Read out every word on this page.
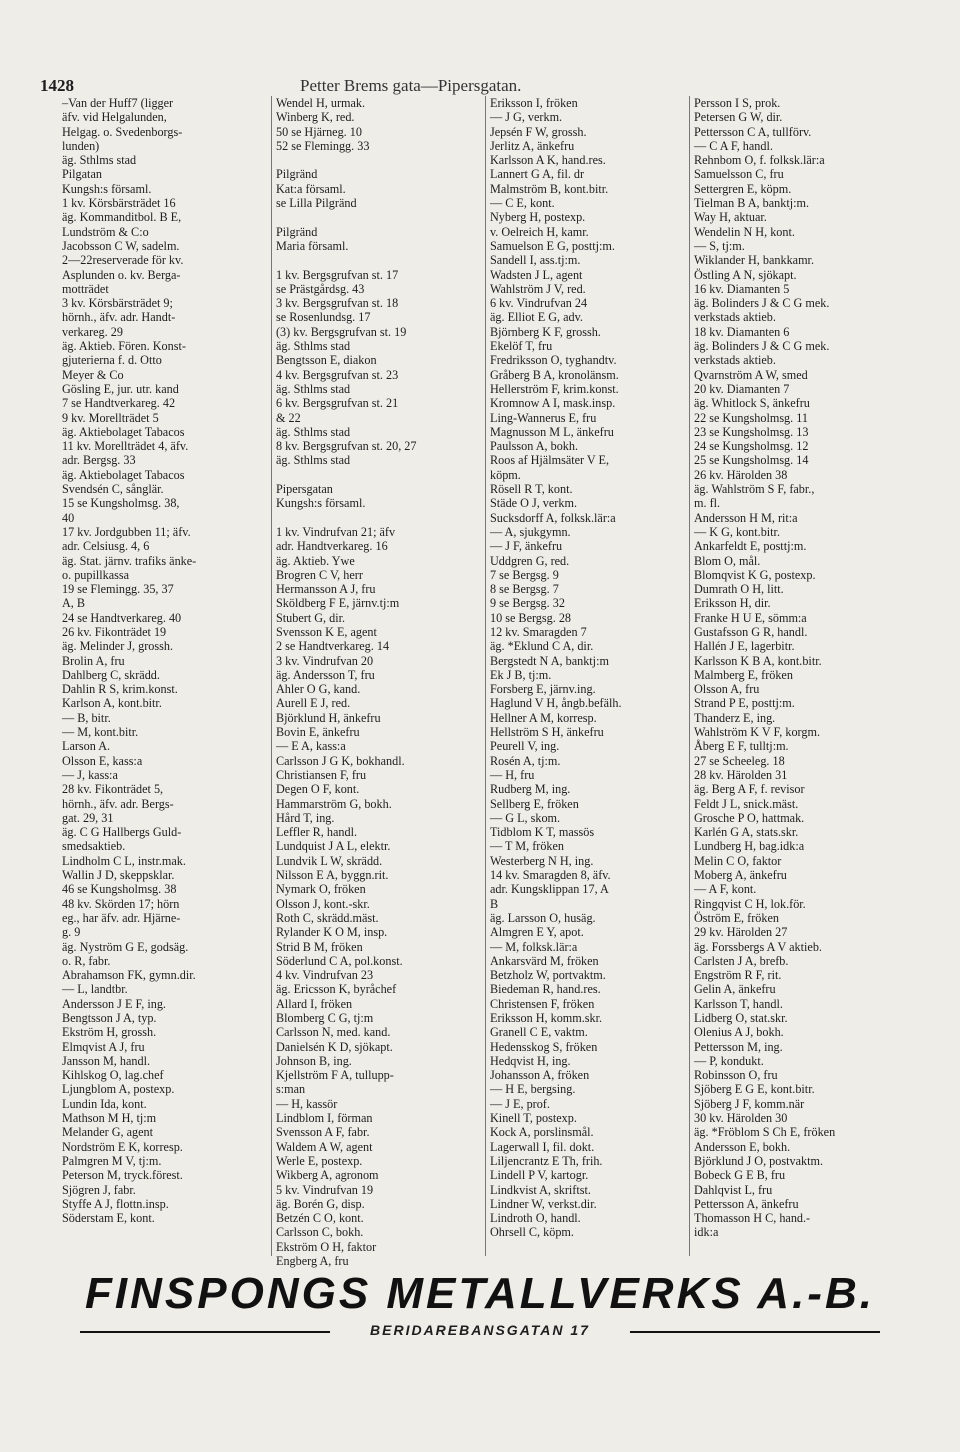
1428	Petter Brems gata—Pipersgatan.
–Van der Huff7 (ligger
äfv. vid Helgalunden,
Helgag. o. Svedenborgs-
lunden)
äg. Sthlms stad
Pilgatan
Kungsh:s församl.
1 kv. Körsbärsträdet 16
äg. Kommanditbol. B E,
Lundström & C:o
Jacobsson C W, sadelm.
2—22reserverade för kv.
Asplunden o. kv. Berga-
motträdet
3 kv. Körsbärsträdet 9;
hörnh., äfv. adr. Handt-
verkareg. 29
äg. Aktieb. Fören. Konst-
gjuterierna f. d. Otto
Meyer & Co
Gösling E, jur. utr. kand
7 se Handtverkareg. 42
9 kv. Morellträdet 5
äg. Aktiebolaget Tabacos
11 kv. Morellträdet 4, äfv.
adr. Bergsg. 33
äg. Aktiebolaget Tabacos
Svendsén C, sånglär.
15 se Kungsholmsg. 38,
40
17 kv. Jordgubben 11; äfv.
adr. Celsiusg. 4, 6
äg. Stat. järnv. trafiks änke-
o. pupillkassa
19 se Flemingg. 35, 37
A, B
24 se Handtverkareg. 40
26 kv. Fikonträdet 19
äg. Melinder J, grossh.
Brolin A, fru
Dahlberg C, skrädd.
Dahlin R S, krim.konst.
Karlson A, kont.bitr.
— B, bitr.
— M, kont.bitr.
Larson A.
Olsson E, kass:a
— J, kass:a
28 kv. Fikonträdet 5,
hörnh., äfv. adr. Bergs-
gat. 29, 31
äg. C G Hallbergs Guld-
smedsaktieb.
Lindholm C L, instr.mak.
Wallin J D, skeppsklar.
46 se Kungsholmsg. 38
48 kv. Skörden 17; hörn
eg., har äfv. adr. Hjärne-
g. 9
äg. Nyström G E, godsäg.
o. R, fabr.
Abrahamson FK, gymn.dir.
— L, landtbr.
Andersson J E F, ing.
Bengtsson J A, typ.
Ekström H, grossh.
Elmqvist A J, fru
Jansson M, handl.
Kihlskog O, lag.chef
Ljungblom A, postexp.
Lundin Ida, kont.
Mathson M H, tj:m
Melander G, agent
Nordström E K, korresp.
Palmgren M V, tj:m.
Peterson M, tryck.förest.
Sjögren J, fabr.
Styffe A J, flottn.insp.
Söderstam E, kont.
Wendel H, urmak.
Winberg K, red.
50 se Hjärneg. 10
52 se Flemingg. 33

Pilgränd
Kat:a församl.
se Lilla Pilgränd

Pilgränd
Maria församl.

1 kv. Bergsgrufvan st. 17
se Prästgårdsg. 43
3 kv. Bergsgrufvan st. 18
se Rosenlundsg. 17
(3) kv. Bergsgrufvan st. 19
äg. Sthlms stad
Bengtsson E, diakon
4 kv. Bergsgrufvan st. 23
äg. Sthlms stad
6 kv. Bergsgrufvan st. 21
& 22
äg. Sthlms stad
8 kv. Bergsgrufvan st. 20, 27
äg. Sthlms stad

Pipersgatan
Kungsh:s församl.

1 kv. Vindrufvan 21; äfv
adr. Handtverkareg. 16
äg. Aktieb. Ywe
Brogren C V, herr
Hermansson A J, fru
Sköldberg F E, järnv.tj:m
Stubert G, dir.
Svensson K E, agent
2 se Handtverkareg. 14
3 kv. Vindrufvan 20
äg. Andersson T, fru
Ahler O G, kand.
Aurell E J, red.
Björklund H, änkefru
Bovin E, änkefru
— E A, kass:a
Carlsson J G K, bokhandl.
Christiansen F, fru
Degen O F, kont.
Hammarström G, bokh.
Hård T, ing.
Leffler R, handl.
Lundquist J A L, elektr.
Lundvik L W, skrädd.
Nilsson E A, byggn.rit.
Nymark O, fröken
Olsson J, kont.-skr.
Roth C, skrädd.mäst.
Rylander K O M, insp.
Strid B M, fröken
Söderlund C A, pol.konst.
4 kv. Vindrufvan 23
äg. Ericsson K, byråchef
Allard I, fröken
Blomberg C G, tj:m
Carlsson N, med. kand.
Danielsén K D, sjökapt.
Johnson B, ing.
Kjellström F A, tullupp-
s:man
— H, kassör
Lindblom I, förman
Svensson A F, fabr.
Waldem A W, agent
Werle E, postexp.
Wikberg A, agronom
5 kv. Vindrufvan 19
äg. Borén G, disp.
Betzén C O, kont.
Carlsson C, bokh.
Ekström O H, faktor
Engberg A, fru
Eriksson I, fröken
— J G, verkm.
Jepsén F W, grossh.
Jerlitz A, änkefru
Karlsson A K, hand.res.
Lannert G A, fil. dr
Malmström B, kont.bitr.
— C E, kont.
Nyberg H, postexp.
v. Oelreich H, kamr.
Samuelson E G, posttj:m.
Sandell I, ass.tj:m.
Wadsten J L, agent
Wahlström J V, red.
6 kv. Vindrufvan 24
äg. Elliot E G, adv.
Björnberg K F, grossh.
Ekelöf T, fru
Fredriksson O, tyghandtv.
Gråberg B A, kronolänsm.
Hellerström F, krim.konst.
Kromnow A I, mask.insp.
Ling-Wannerus E, fru
Magnusson M L, änkefru
Paulsson A, bokh.
Roos af Hjälmsäter V E,
köpm.
Rösell R T, kont.
Städe O J, verkm.
Sucksdorff A, folksk.lär:a
— A, sjukgymn.
— J F, änkefru
Uddgren G, red.
7 se Bergsg. 9
8 se Bergsg. 7
9 se Bergsg. 32
10 se Bergsg. 28
12 kv. Smaragden 7
äg. *Eklund C A, dir.
Bergstedt N A, banktj:m
Ek J B, tj:m.
Forsberg E, järnv.ing.
Haglund V H, ångb.befälh.
Hellner A M, korresp.
Hellström S H, änkefru
Peurell V, ing.
Rosén A, tj:m.
— H, fru
Rudberg M, ing.
Sellberg E, fröken
— G L, skom.
Tidblom K T, massös
— T M, fröken
Westerberg N H, ing.
14 kv. Smaragden 8, äfv.
adr. Kungsklippan 17, A
B
äg. Larsson O, husäg.
Almgren E Y, apot.
— M, folksk.lär:a
Ankarsvärd M, fröken
Betzholz W, portvaktm.
Biedeman R, hand.res.
Christensen F, fröken
Eriksson H, komm.skr.
Granell C E, vaktm.
Hedensskog S, fröken
Hedqvist H, ing.
Johansson A, fröken
— H E, bergsing.
— J E, prof.
Kinell T, postexp.
Kock A, porslinsmål.
Lagerwall I, fil. dokt.
Liljencrantz E Th, frih.
Lindell P V, kartogr.
Lindkvist A, skriftst.
Lindner W, verkst.dir.
Lindroth O, handl.
Ohrsell C, köpm.
Persson I S, prok.
Petersen G W, dir.
Pettersson C A, tullförv.
— C A F, handl.
Rehnbom O, f. folksk.lär:a
Samuelsson C, fru
Settergren E, köpm.
Tielman B A, banktj:m.
Way H, aktuar.
Wendelin N H, kont.
— S, tj:m.
Wiklander H, bankkamr.
Östling A N, sjökapt.
16 kv. Diamanten 5
äg. Bolinders J & C G mek.
verkstads aktieb.
18 kv. Diamanten 6
äg. Bolinders J & C G mek.
verkstads aktieb.
Qvarnström A W, smed
20 kv. Diamanten 7
äg. Whitlock S, änkefru
22 se Kungsholmsg. 11
23 se Kungsholmsg. 13
24 se Kungsholmsg. 12
25 se Kungsholmsg. 14
26 kv. Härolden 38
äg. Wahlström S F, fabr.,
m. fl.
Andersson H M, rit:a
— K G, kont.bitr.
Ankarfeldt E, posttj:m.
Blom O, mål.
Blomqvist K G, postexp.
Dumrath O H, litt.
Eriksson H, dir.
Franke H U E, sömm:a
Gustafsson G R, handl.
Hallén J E, lagerbitr.
Karlsson K B A, kont.bitr.
Malmberg E, fröken
Olsson A, fru
Strand P E, posttj:m.
Thanderz E, ing.
Wahlström K V F, korgm.
Åberg E F, tulltj:m.
27 se Scheeleg. 18
28 kv. Härolden 31
äg. Berg A F, f. revisor
Feldt J L, snick.mäst.
Grosche P O, hattmak.
Karlén G A, stats.skr.
Lundberg H, bag.idk:a
Melin C O, faktor
Moberg A, änkefru
— A F, kont.
Ringqvist C H, lok.för.
Öström E, fröken
29 kv. Härolden 27
äg. Forssbergs A V aktieb.
Carlsten J A, brefb.
Engström R F, rit.
Gelin A, änkefru
Karlsson T, handl.
Lidberg O, stat.skr.
Olenius A J, bokh.
Pettersson M, ing.
— P, kondukt.
Robinsson O, fru
Sjöberg E G E, kont.bitr.
Sjöberg J F, komm.när
30 kv. Härolden 30
äg. *Fröblom S Ch E, fröken
Andersson E, bokh.
Björklund J O, postvaktm.
Bobeck G E B, fru
Dahlqvist L, fru
Pettersson A, änkefru
Thomasson H C, hand.-
idk:a
FINSPONGS METALLVERKS A.-B.
BERIDAREBANSGATAN 17
